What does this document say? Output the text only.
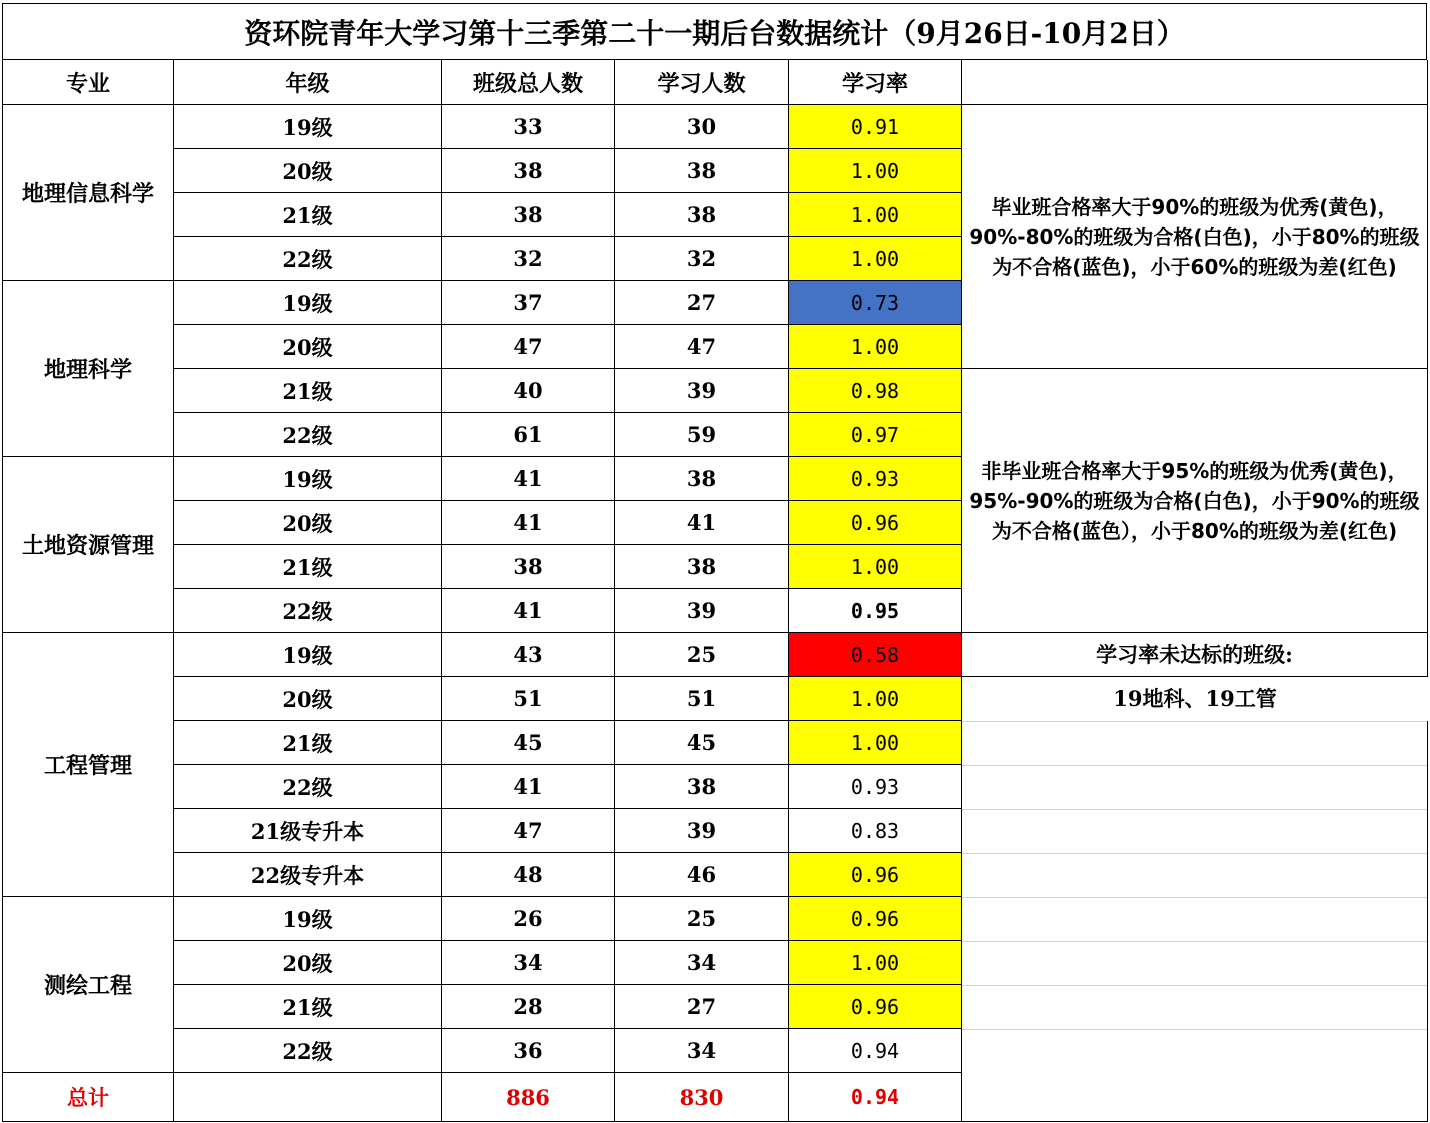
资环院青年大学习第十三季第二十一期后台数据统计（9月26日-10月2日）
专业	年级	班级总人数	学习人数	学习率
地理信息科学
19级	33	30	0.91
20级	38	38	1.00
21级	38	38	1.00
22级	32	32	1.00
地理科学
19级	37	27	0.73
20级	47	47	1.00
21级	40	39	0.98
22级	61	59	0.97
土地资源管理
19级	41	38	0.93
20级	41	41	0.96
21级	38	38	1.00
22级	41	39	0.95
工程管理
19级	43	25	0.58
20级	51	51	1.00
21级	45	45	1.00
22级	41	38	0.93
21级专升本	47	39	0.83
22级专升本	48	46	0.96
测绘工程
19级	26	25	0.96
20级	34	34	1.00
21级	28	27	0.96
22级	36	34	0.94
总计	886	830	0.94
毕业班合格率大于90%的班级为优秀(黄色)，90%-80%的班级为合格(白色)，小于80%的班级为不合格(蓝色)，小于60%的班级为差(红色)
非毕业班合格率大于95%的班级为优秀(黄色)，95%-90%的班级为合格(白色)，小于90%的班级为不合格(蓝色），小于80%的班级为差(红色)
学习率未达标的班级:
19地科、19工管
